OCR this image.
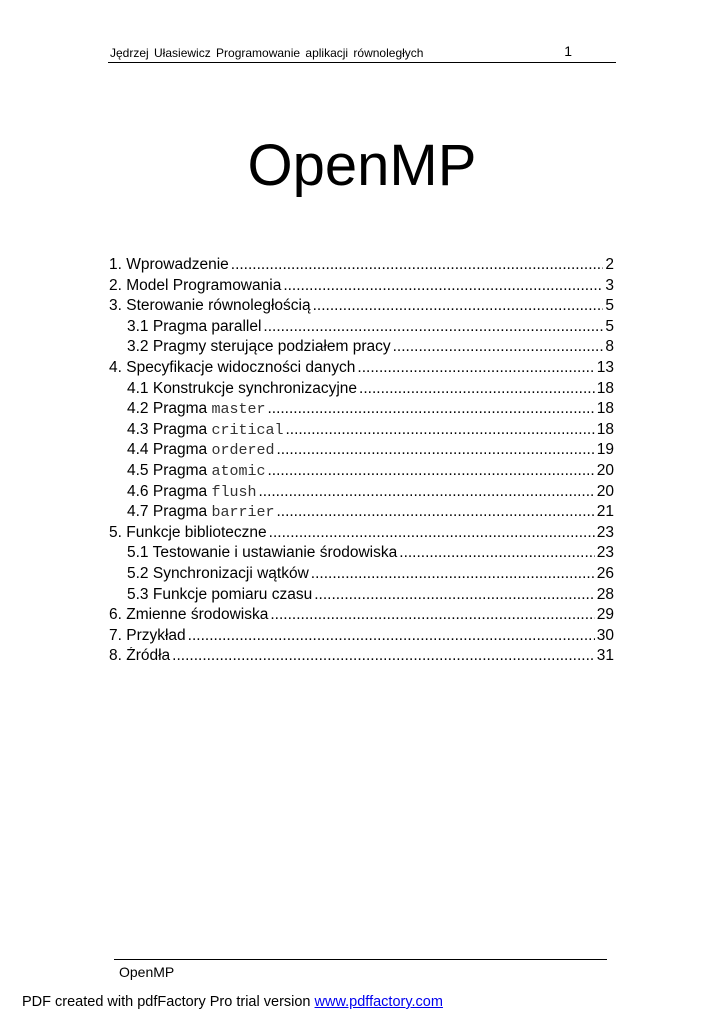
Jędrzej Ułasiewicz Programowanie aplikacji równoległych	1
OpenMP
1. Wprowadzenie .....	2
2. Model Programowania .....	3
3. Sterowanie równoległością .....	5
3.1 Pragma parallel .....	5
3.2 Pragmy sterujące podziałem pracy .....	8
4. Specyfikacje widoczności danych .....	13
4.1 Konstrukcje synchronizacyjne .....	18
4.2 Pragma master .....	18
4.3 Pragma critical .....	18
4.4 Pragma ordered .....	19
4.5 Pragma atomic .....	20
4.6 Pragma flush .....	20
4.7 Pragma barrier .....	21
5. Funkcje biblioteczne .....	23
5.1 Testowanie i ustawianie środowiska .....	23
5.2 Synchronizacji wątków .....	26
5.3 Funkcje pomiaru czasu .....	28
6. Zmienne środowiska .....	29
7. Przykład .....	30
8. Źródła .....	31
OpenMP
PDF created with pdfFactory Pro trial version www.pdffactory.com
